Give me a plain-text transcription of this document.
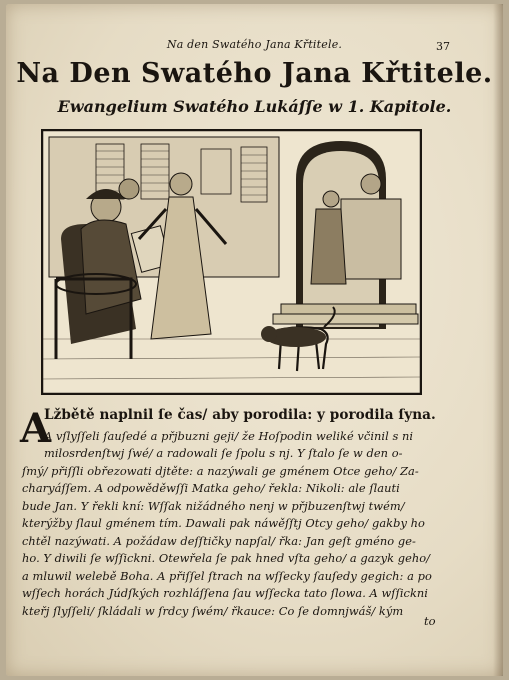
Na den Swatého Jana Křtitele.	37
Na Den Swatého Jana Křtitele.
Ewangelium Swatého Lukáſſe w 1. Kapitole.
A
Lžbětě naplnil ſe čas/ aby porodila: y porodila ſyna.
A vſlyſſeli ſauſedé a přjbuzni geji/ že Hoſpodin weliké včinil s ni
milosrdenſtwj ſwé/ a radowali ſe ſpolu s nj. Y ſtalo ſe w den o-
ſmý/ přiſſli obřezowati djtěte: a nazýwali ge gménem Otce geho/ Za-
charyáſſem. A odpowěděwſſi Matka geho/ řekla: Nikoli: ale ſlauti
bude Jan. Y řekli kní: Wſſak nižádného nenj w přjbuzenſtwj twém/
kterýžby ſlaul gménem tím. Dawali pak náwěſſtj Otcy geho/ gakby ho
chtěl nazýwati. A požádaw deſſtičky napſal/ řka: Jan geſt gméno ge-
ho. Y diwili ſe wſſickni. Otewřela ſe pak hned vſta geho/ a gazyk geho/
a mluwil welebě Boha. A přiſſel ſtrach na wſſecky ſauſedy gegich: a po
wſſech horách Júdſkých rozhláſſena ſau wſſecka tato ſlowa. A wſſickni
kteřj ſlyſſeli/ ſkládali w ſrdcy ſwém/ řkauce: Co ſe domnjwáš/ kým
to
